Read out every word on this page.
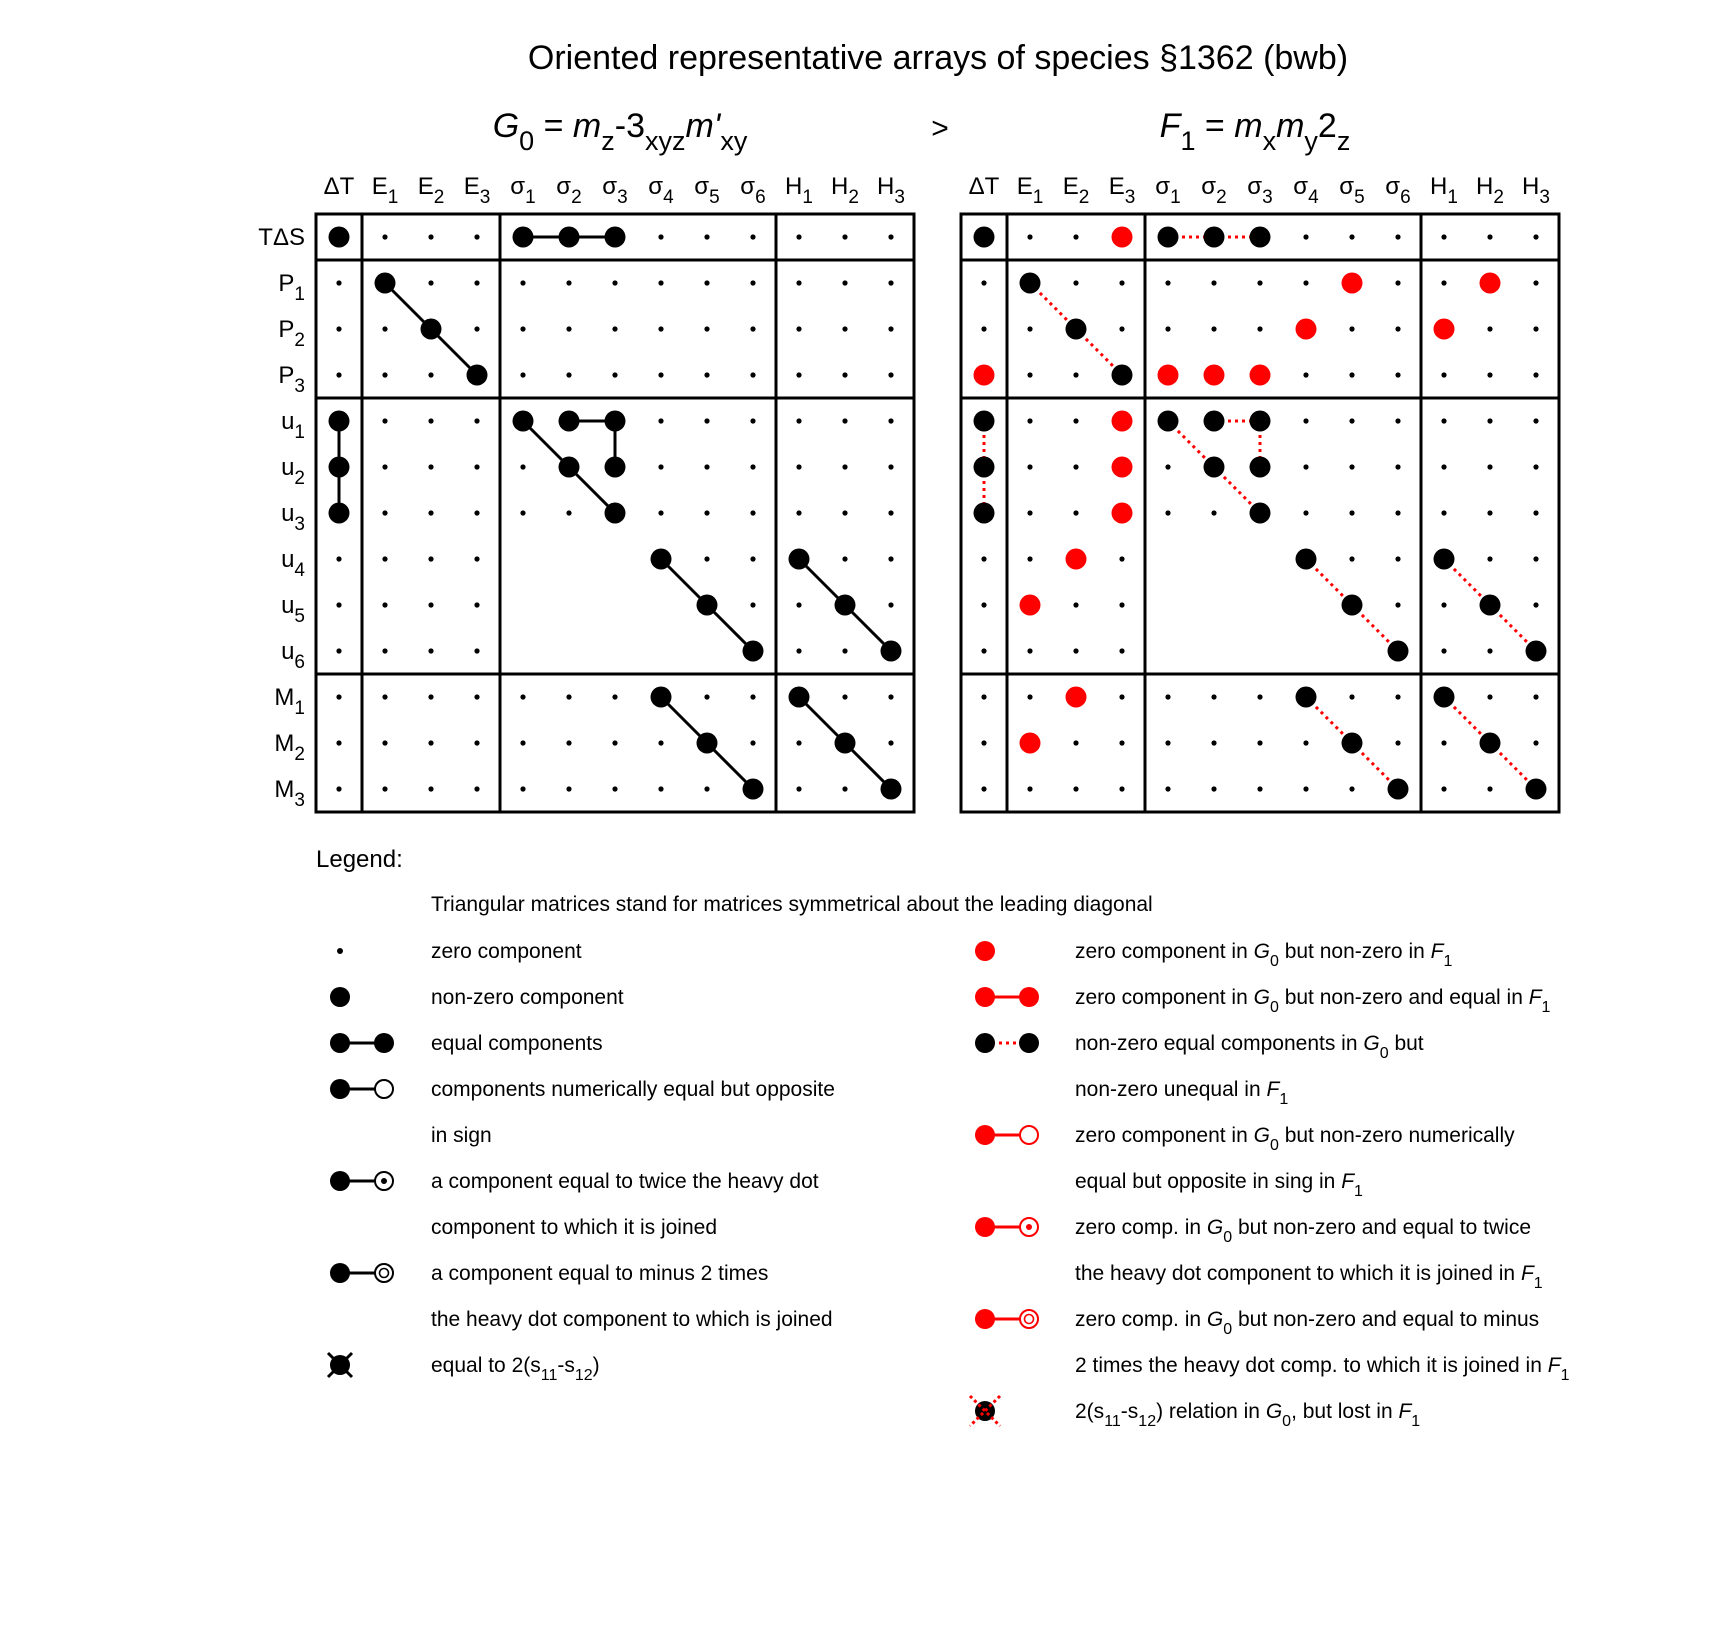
Oriented representative arrays of species §1362 (bwb)
>
$G_0 = m_z-3_{xyz}m'_{xy}$	$F_1 = m_xm_y2_z$
ΔT $E_1$ $E_2$ $E_3$ $\sigma_1$ $\sigma_2$ $\sigma_3$ $\sigma_4$ $\sigma_5$ $\sigma_6$ $H_1$ $H_2$ $H_3$	ΔT $E_1$ $E_2$ $E_3$ $\sigma_1$ $\sigma_2$ $\sigma_3$ $\sigma_4$ $\sigma_5$ $\sigma_6$ $H_1$ $H_2$ $H_3$
TΔS
$P_1$
$P_2$
$P_3$
$u_1$
$u_2$
$u_3$
$u_4$
$u_5$
$u_6$
$M_1$
$M_2$
$M_3$
Legend:
Triangular matrices stand for matrices symmetrical about the leading diagonal
zero component
non-zero component
equal components
components numerically equal but opposite
in sign
a component equal to twice the heavy dot
component to which it is joined
a component equal to minus 2 times
the heavy dot component to which is joined
equal to $2(s_{11}-s_{12})$
zero component in $G_0$ but non-zero in $F_1$
zero component in $G_0$ but non-zero and equal in $F_1$
non-zero equal components in $G_0$ but
non-zero unequal in $F_1$
zero component in $G_0$ but non-zero numerically
equal but opposite in sing in $F_1$
zero comp. in $G_0$ but non-zero and equal to twice
the heavy dot component to which it is joined in $F_1$
zero comp. in $G_0$ but non-zero and equal to minus
2 times the heavy dot comp. to which it is joined in $F_1$
$2(s_{11}-s_{12})$ relation in $G_0$, but lost in $F_1$
